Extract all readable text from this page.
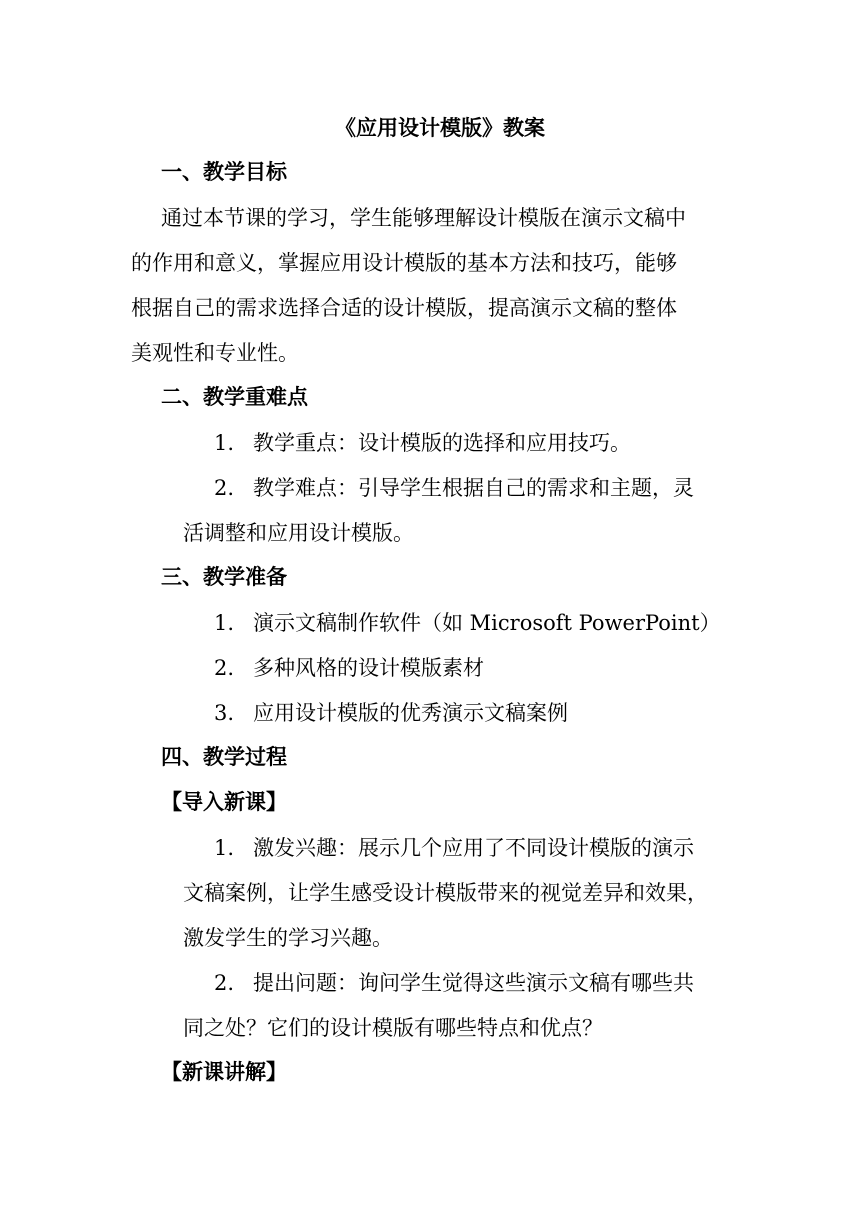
《应用设计模版》教案
一、教学目标
通过本节课的学习，学生能够理解设计模版在演示文稿中
的作用和意义，掌握应用设计模版的基本方法和技巧，能够
根据自己的需求选择合适的设计模版，提高演示文稿的整体
美观性和专业性。
二、教学重难点
1. 教学重点：设计模版的选择和应用技巧。
2. 教学难点：引导学生根据自己的需求和主题，灵
活调整和应用设计模版。
三、教学准备
1. 演示文稿制作软件（如 Microsoft PowerPoint）
2. 多种风格的设计模版素材
3. 应用设计模版的优秀演示文稿案例
四、教学过程
【导入新课】
1. 激发兴趣：展示几个应用了不同设计模版的演示
文稿案例，让学生感受设计模版带来的视觉差异和效果，
激发学生的学习兴趣。
2. 提出问题：询问学生觉得这些演示文稿有哪些共
同之处？它们的设计模版有哪些特点和优点？
【新课讲解】
